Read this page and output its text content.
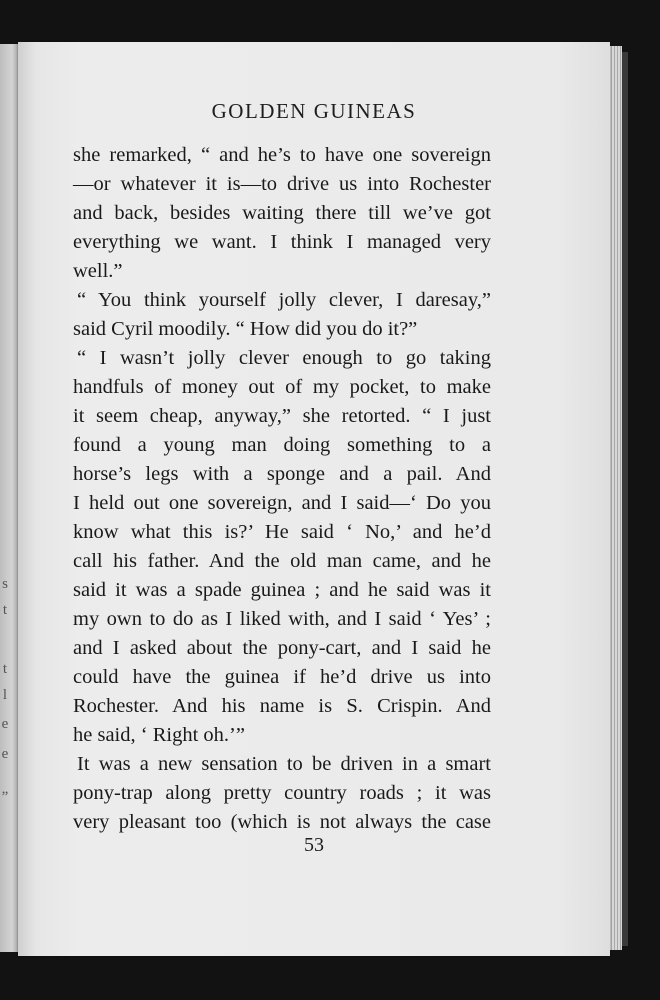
s
t
t
l
e
e
”
GOLDEN GUINEAS
she remarked, “ and he’s to have one sovereign
—or whatever it is—to drive us into Rochester
and back, besides waiting there till we’ve got
everything we want. I think I managed very
well.”
“ You think yourself jolly clever, I daresay,”
said Cyril moodily. “ How did you do it?”
“ I wasn’t jolly clever enough to go taking
handfuls of money out of my pocket, to make
it seem cheap, anyway,” she retorted. “ I just
found a young man doing something to a
horse’s legs with a sponge and a pail. And
I held out one sovereign, and I said—‘ Do you
know what this is?’ He said ‘ No,’ and he’d
call his father. And the old man came, and he
said it was a spade guinea ; and he said was it
my own to do as I liked with, and I said ‘ Yes’ ;
and I asked about the pony-cart, and I said he
could have the guinea if he’d drive us into
Rochester. And his name is S. Crispin. And
he said, ‘ Right oh.’”
It was a new sensation to be driven in a smart
pony-trap along pretty country roads ; it was
very pleasant too (which is not always the case
53
